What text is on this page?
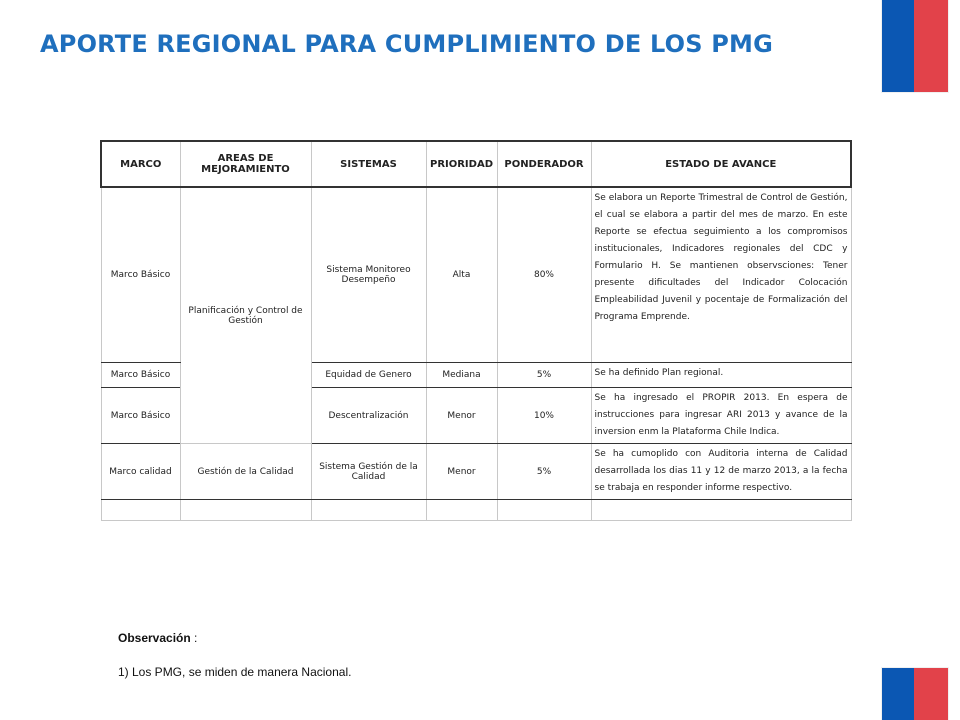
APORTE REGIONAL PARA CUMPLIMIENTO DE LOS PMG
MARCO	AREAS DE MEJORAMIENTO	SISTEMAS	PRIORIDAD	PONDERADOR	ESTADO DE AVANCE
Marco Básico	Planificación y Control de Gestión	Sistema Monitoreo Desempeño	Alta	80%	Se elabora un Reporte Trimestral de Control de Gestión, el cual se elabora a partir del mes de marzo. En este Reporte se efectua seguimiento a los compromisos institucionales, Indicadores regionales del CDC y Formulario H. Se mantienen observsciones: Tener presente dificultades del Indicador Colocación Empleabilidad Juvenil y pocentaje de Formalización del Programa Emprende.
Marco Básico		Equidad de Genero	Mediana	5%	Se ha definido Plan regional.
Marco Básico		Descentralización	Menor	10%	Se ha ingresado el PROPIR 2013. En espera de instrucciones para ingresar ARI 2013 y avance de la inversion enm la Plataforma Chile Indica.
Marco calidad	Gestión de la Calidad	Sistema Gestión de la Calidad	Menor	5%	Se ha cumoplido con Auditoria interna de Calidad desarrollada los dias 11 y 12 de marzo 2013, a la fecha se trabaja en responder informe respectivo.

Observación :
1) Los PMG, se miden de manera Nacional.
